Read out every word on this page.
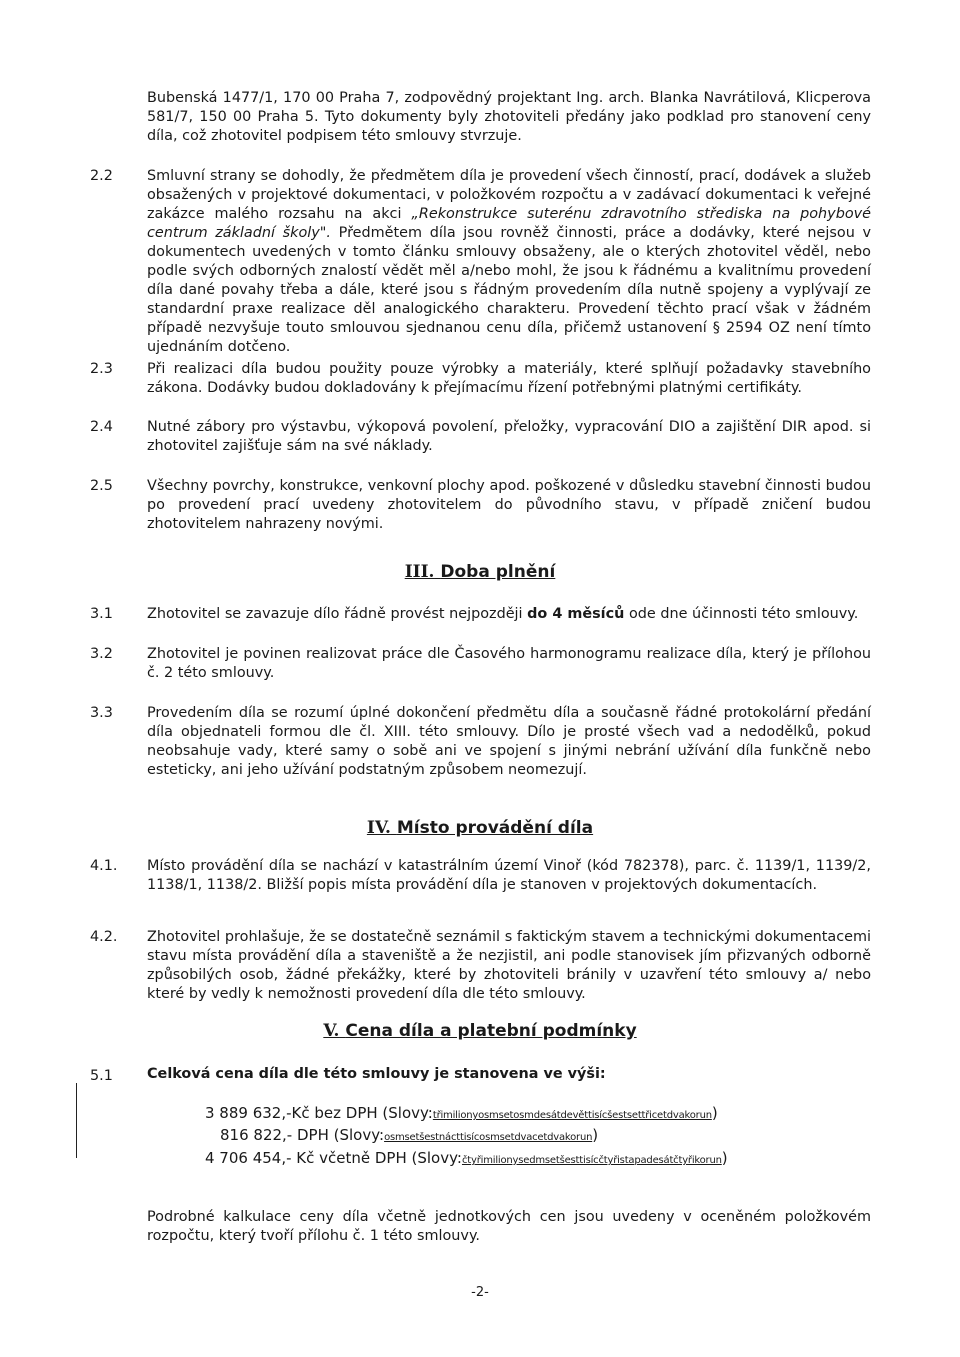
Bubenská 1477/1, 170 00 Praha 7, zodpovědný projektant Ing. arch. Blanka Navrátilová, Klicperova 581/7, 150 00 Praha 5. Tyto dokumenty byly zhotoviteli předány jako podklad pro stanovení ceny díla, což zhotovitel podpisem této smlouvy stvrzuje.

2.2 Smluvní strany se dohodly, že předmětem díla je provedení všech činností, prací, dodávek a služeb obsažených v projektové dokumentaci, v položkovém rozpočtu a v zadávací dokumentaci k veřejné zakázce malého rozsahu na akci „Rekonstrukce suterénu zdravotního střediska na pohybové centrum základní školy". Předmětem díla jsou rovněž činnosti, práce a dodávky, které nejsou v dokumentech uvedených v tomto článku smlouvy obsaženy, ale o kterých zhotovitel věděl, nebo podle svých odborných znalostí vědět měl a/nebo mohl, že jsou k řádnému a kvalitnímu provedení díla dané povahy třeba a dále, které jsou s řádným provedením díla nutně spojeny a vyplývají ze standardní praxe realizace děl analogického charakteru. Provedení těchto prací však v žádném případě nezvyšuje touto smlouvou sjednanou cenu díla, přičemž ustanovení § 2594 OZ není tímto ujednáním dotčeno.

2.3 Při realizaci díla budou použity pouze výrobky a materiály, které splňují požadavky stavebního zákona. Dodávky budou dokladovány k přejímacímu řízení potřebnými platnými certifikáty.

2.4 Nutné zábory pro výstavbu, výkopová povolení, přeložky, vypracování DIO a zajištění DIR apod. si zhotovitel zajišťuje sám na své náklady.

2.5 Všechny povrchy, konstrukce, venkovní plochy apod. poškozené v důsledku stavební činnosti budou po provedení prací uvedeny zhotovitelem do původního stavu, v případě zničení budou zhotovitelem nahrazeny novými.

III. Doba plnění

3.1 Zhotovitel se zavazuje dílo řádně provést nejpozději do 4 měsíců ode dne účinnosti této smlouvy.

3.2 Zhotovitel je povinen realizovat práce dle Časového harmonogramu realizace díla, který je přílohou č. 2 této smlouvy.

3.3 Provedením díla se rozumí úplné dokončení předmětu díla a současně řádné protokolární předání díla objednateli formou dle čl. XIII. této smlouvy. Dílo je prosté všech vad a nedodělků, pokud neobsahuje vady, které samy o sobě ani ve spojení s jinými nebrání užívání díla funkčně nebo esteticky, ani jeho užívání podstatným způsobem neomezují.

IV. Místo provádění díla

4.1. Místo provádění díla se nachází v katastrálním území Vinoř (kód 782378), parc. č. 1139/1, 1139/2, 1138/1, 1138/2. Bližší popis místa provádění díla je stanoven v projektových dokumentacích.

4.2. Zhotovitel prohlašuje, že se dostatečně seznámil s faktickým stavem a technickými dokumentacemi stavu místa provádění díla a staveniště a že nezjistil, ani podle stanovisek jím přizvaných odborně způsobilých osob, žádné překážky, které by zhotoviteli bránily v uzavření této smlouvy a/ nebo které by vedly k nemožnosti provedení díla dle této smlouvy.

V. Cena díla a platební podmínky

5.1 Celková cena díla dle této smlouvy je stanovena ve výši:

3 889 632,-Kč bez DPH (Slovy:třimilionyosmsetosmdesátdevěttisícšestsettřicetdvakorun)

816 822,- DPH (Slovy:osmsetšestnácttisícosmsetdvacetdvakorun)

4 706 454,- Kč včetně DPH (Slovy:čtyřimilionysedmsetšesttisícčtyřistapadesátčtyřikorun)

Podrobné kalkulace ceny díla včetně jednotkových cen jsou uvedeny v oceněném položkovém rozpočtu, který tvoří přílohu č. 1 této smlouvy.

-2-
